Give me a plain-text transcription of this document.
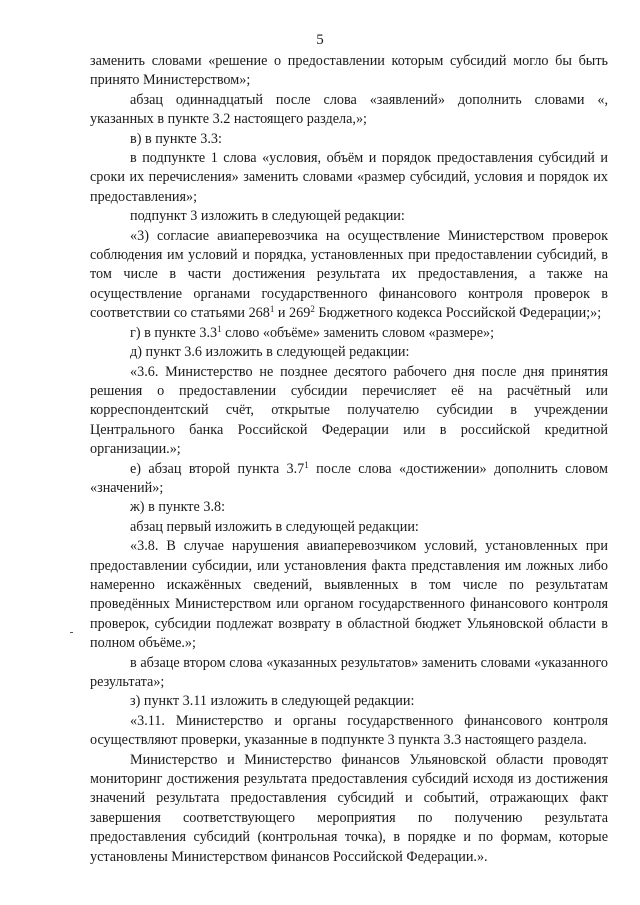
5

заменить словами «решение о предоставлении которым субсидий могло бы быть принято Министерством»;

абзац одиннадцатый после слова «заявлений» дополнить словами «, указанных в пункте 3.2 настоящего раздела,»;

в) в пункте 3.3:

в подпункте 1 слова «условия, объём и порядок предоставления субсидий и сроки их перечисления» заменить словами «размер субсидий, условия и порядок их предоставления»;

подпункт 3 изложить в следующей редакции:

«3) согласие авиаперевозчика на осуществление Министерством проверок соблюдения им условий и порядка, установленных при предоставлении субсидий, в том числе в части достижения результата их предоставления, а также на осуществление органами государственного финансового контроля проверок в соответствии со статьями $268^1$ и $269^2$ Бюджетного кодекса Российской Федерации;»;

г) в пункте $3.3^1$ слово «объёме» заменить словом «размере»;

д) пункт 3.6 изложить в следующей редакции:

«3.6. Министерство не позднее десятого рабочего дня после дня принятия решения о предоставлении субсидии перечисляет её на расчётный или корреспондентский счёт, открытые получателю субсидии в учреждении Центрального банка Российской Федерации или в российской кредитной организации.»;

е) абзац второй пункта $3.7^1$ после слова «достижении» дополнить словом «значений»;

ж) в пункте 3.8:

абзац первый изложить в следующей редакции:

«3.8. В случае нарушения авиаперевозчиком условий, установленных при предоставлении субсидии, или установления факта представления им ложных либо намеренно искажённых сведений, выявленных в том числе по результатам проведённых Министерством или органом государственного финансового контроля проверок, субсидии подлежат возврату в областной бюджет Ульяновской области в полном объёме.»;

в абзаце втором слова «указанных результатов» заменить словами «указанного результата»;

з) пункт 3.11 изложить в следующей редакции:

«3.11. Министерство и органы государственного финансового контроля осуществляют проверки, указанные в подпункте 3 пункта 3.3 настоящего раздела.

Министерство и Министерство финансов Ульяновской области проводят мониторинг достижения результата предоставления субсидий исходя из достижения значений результата предоставления субсидий и событий, отражающих факт завершения соответствующего мероприятия по получению результата предоставления субсидий (контрольная точка), в порядке и по формам, которые установлены Министерством финансов Российской Федерации.».
